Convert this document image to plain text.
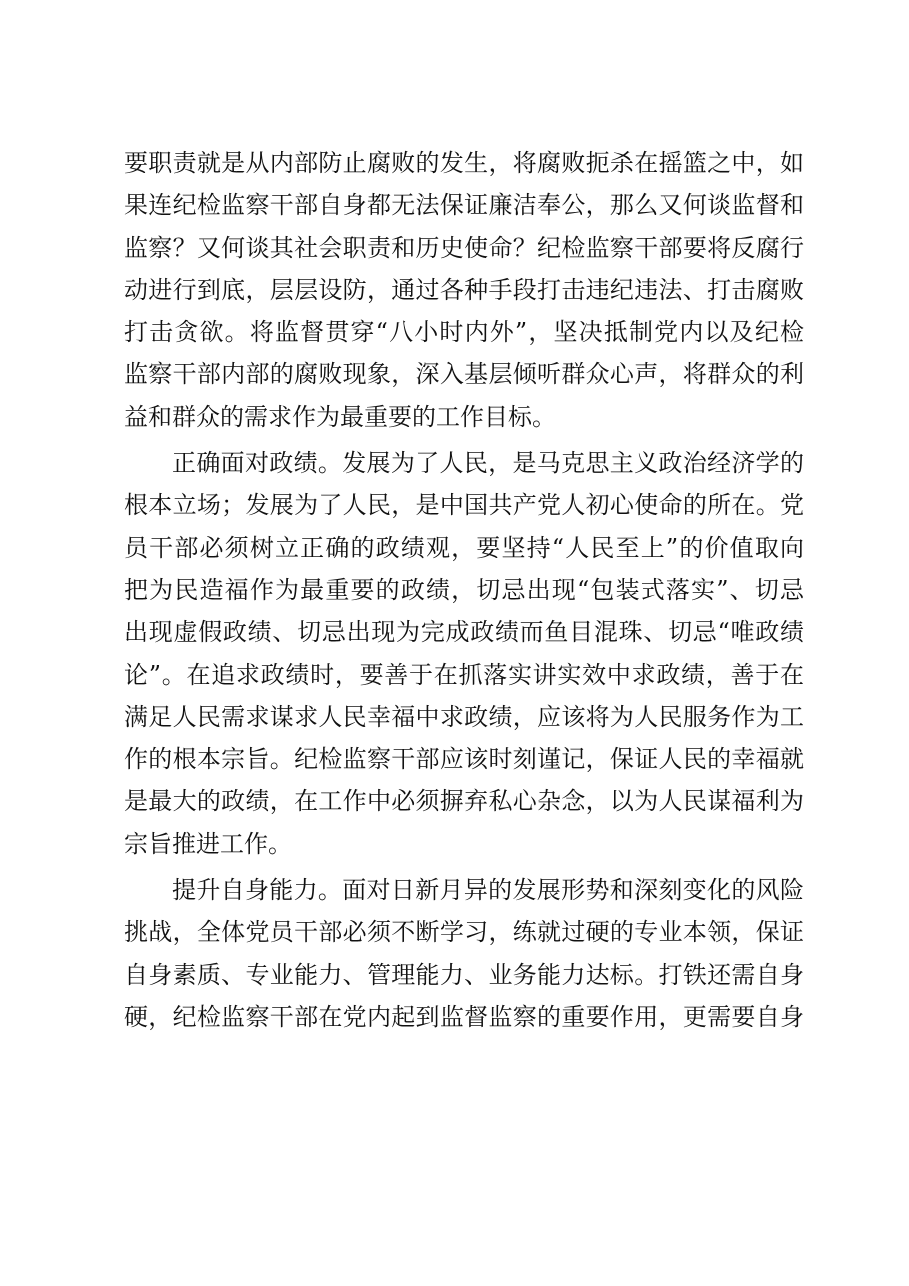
要职责就是从内部防止腐败的发生，将腐败扼杀在摇篮之中，如
果连纪检监察干部自身都无法保证廉洁奉公，那么又何谈监督和
监察？又何谈其社会职责和历史使命？纪检监察干部要将反腐行
动进行到底，层层设防，通过各种手段打击违纪违法、打击腐败
打击贪欲。将监督贯穿“八小时内外”，坚决抵制党内以及纪检
监察干部内部的腐败现象，深入基层倾听群众心声，将群众的利
益和群众的需求作为最重要的工作目标。
正确面对政绩。发展为了人民，是马克思主义政治经济学的
根本立场；发展为了人民，是中国共产党人初心使命的所在。党
员干部必须树立正确的政绩观，要坚持“人民至上”的价值取向
把为民造福作为最重要的政绩，切忌出现“包装式落实”、切忌
出现虚假政绩、切忌出现为完成政绩而鱼目混珠、切忌“唯政绩
论”。在追求政绩时，要善于在抓落实讲实效中求政绩，善于在
满足人民需求谋求人民幸福中求政绩，应该将为人民服务作为工
作的根本宗旨。纪检监察干部应该时刻谨记，保证人民的幸福就
是最大的政绩，在工作中必须摒弃私心杂念，以为人民谋福利为
宗旨推进工作。
提升自身能力。面对日新月异的发展形势和深刻变化的风险
挑战，全体党员干部必须不断学习，练就过硬的专业本领，保证
自身素质、专业能力、管理能力、业务能力达标。打铁还需自身
硬，纪检监察干部在党内起到监督监察的重要作用，更需要自身
